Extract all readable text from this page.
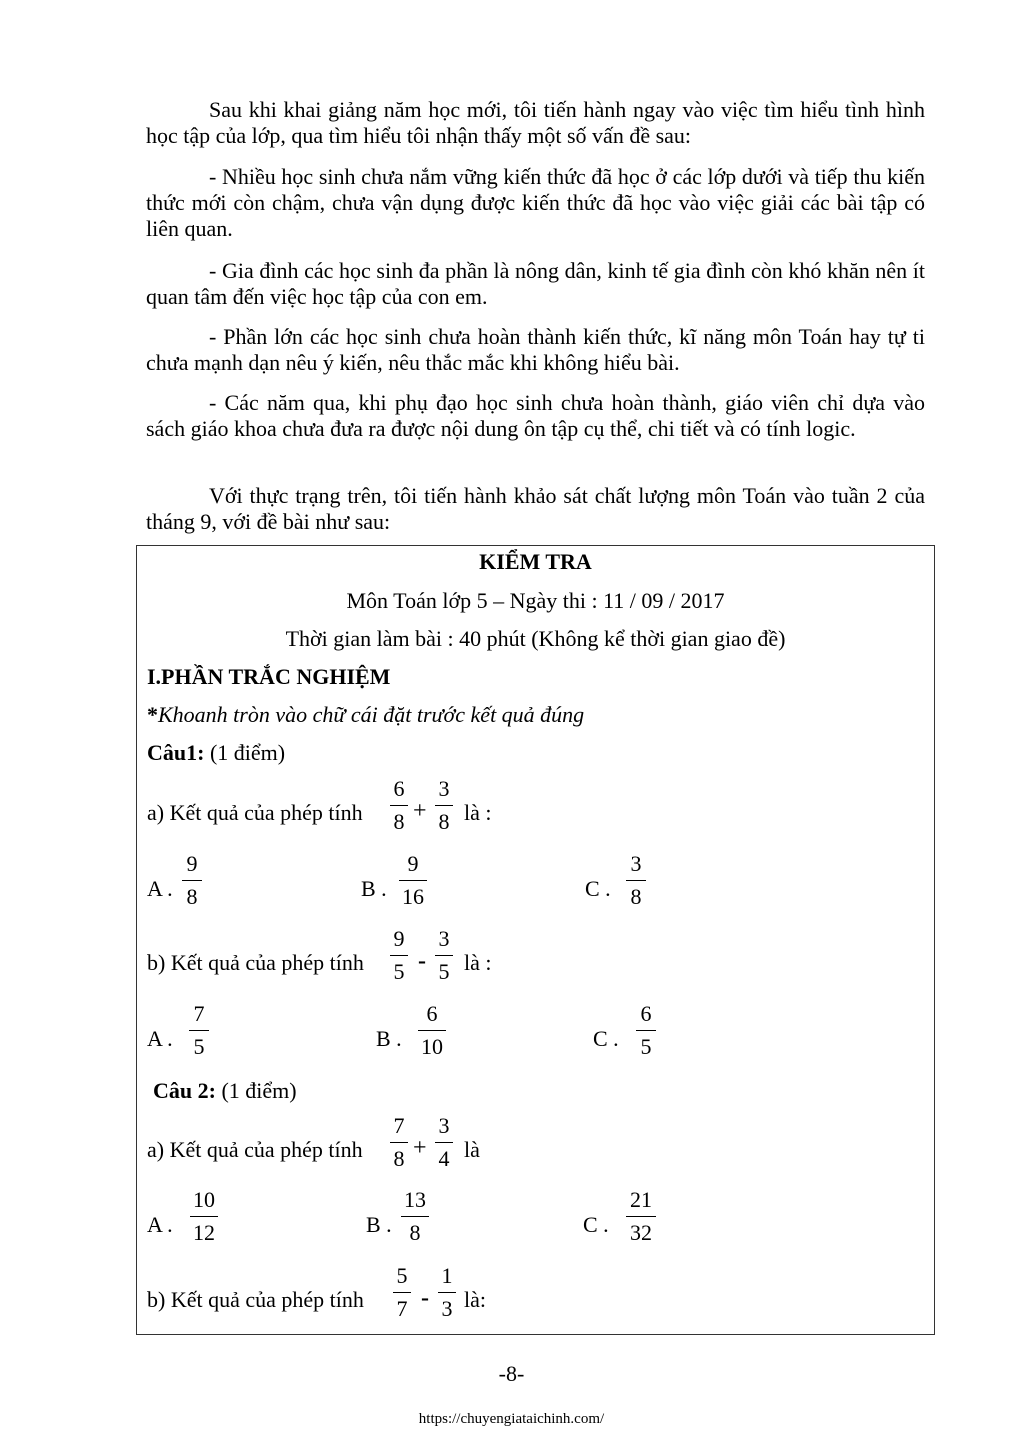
Sau khi khai giảng năm học mới, tôi tiến hành ngay vào việc tìm hiểu tình hình học tập của lớp, qua tìm hiểu tôi nhận thấy một số vấn đề sau:
- Nhiều học sinh chưa nắm vững kiến thức đã học ở các lớp dưới và tiếp thu kiến thức mới còn chậm, chưa vận dụng được kiến thức đã học vào việc giải các bài tập có liên quan.
- Gia đình các học sinh đa phần là nông dân, kinh tế gia đình còn khó khăn nên ít quan tâm đến việc học tập của con em.
- Phần lớn các học sinh chưa hoàn thành kiến thức, kĩ năng môn Toán hay tự ti chưa mạnh dạn nêu ý kiến, nêu thắc mắc khi không hiểu bài.
- Các năm qua, khi phụ đạo học sinh chưa hoàn thành, giáo viên chỉ dựa vào sách giáo khoa chưa đưa ra được nội dung ôn tập cụ thể, chi tiết và có tính logic.
Với thực trạng trên, tôi tiến hành khảo sát chất lượng môn Toán vào tuần 2 của tháng 9, với đề bài như sau:
KIỂM TRA
Môn Toán lớp 5 – Ngày thi : 11 / 09 / 2017
Thời gian làm bài : 40 phút (Không kể thời gian giao đề)
I.PHẦN TRẮC NGHIỆM
*Khoanh tròn vào chữ cái đặt trước kết quả đúng
Câu1: (1 điểm)
a) Kết quả của phép tính
6
8 +
3
8 là :
A .
9
8	B .
9
16	C .
3
8
b) Kết quả của phép tính
9
5 -
3
5 là :
A .
7
5	B .
6
10	C .
6
5
Câu 2: (1 điểm)
a) Kết quả của phép tính
7
8 +
3
4 là
A .
10
12	B .
13
8	C .
21
32
b) Kết quả của phép tính
5
7 -
1
3 là:
-8-
https://chuyengiataichinh.com/
